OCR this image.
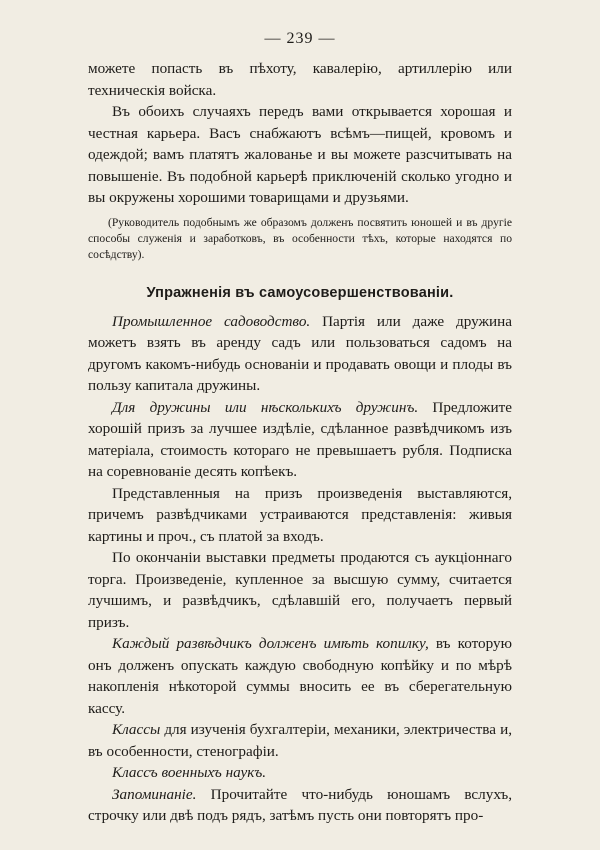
— 239 —

можете попасть въ пѣхоту, кавалерію, артиллерію или техническія войска.

Въ обоихъ случаяхъ передъ вами открывается хорошая и честная карьера. Васъ снабжаютъ всѣмъ—пищей, кровомъ и одеждой; вамъ платятъ жалованье и вы можете разсчитывать на повышеніе. Въ подобной карьерѣ приключеній сколько угодно и вы окружены хорошими товарищами и друзьями.

(Руководитель подобнымъ же образомъ долженъ посвятить юношей и въ другіе способы служенія и заработковъ, въ особенности тѣхъ, которые находятся по сосѣдству).

Упражненія въ самоусовершенствованіи.

Промышленное садоводство. Партія или даже дружина можетъ взять въ аренду садъ или пользоваться садомъ на другомъ какомъ-нибудь основаніи и продавать овощи и плоды въ пользу капитала дружины.

Для дружины или нѣсколькихъ дружинъ. Предложите хорошій призъ за лучшее издѣліе, сдѣланное развѣдчикомъ изъ матеріала, стоимость котораго не превышаетъ рубля. Подписка на соревнованіе десять копѣекъ.

Представленныя на призъ произведенія выставляются, причемъ развѣдчиками устраиваются представленія: живыя картины и проч., съ платой за входъ.

По окончаніи выставки предметы продаются съ аукціоннаго торга. Произведеніе, купленное за высшую сумму, считается лучшимъ, и развѣдчикъ, сдѣлавшій его, получаетъ первый призъ.

Каждый развѣдчикъ долженъ имѣть копилку, въ которую онъ долженъ опускать каждую свободную копѣйку и по мѣрѣ накопленія нѣкоторой суммы вносить ее въ сберегательную кассу.

Классы для изученія бухгалтеріи, механики, электричества и, въ особенности, стенографіи.

Классъ военныхъ наукъ.

Запоминаніе. Прочитайте что-нибудь юношамъ вслухъ, строчку или двѣ подъ рядъ, затѣмъ пусть они повторятъ про-
